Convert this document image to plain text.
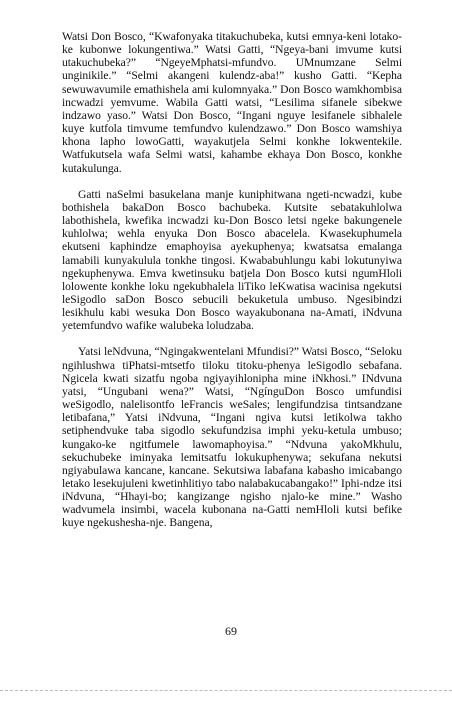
Watsi Don Bosco, “Kwafonyaka titakuchubeka, kutsi emnya-keni lotako-ke kubonwe lokungentiwa.” Watsi Gatti, “Ngeya-bani imvume kutsi utakuchubeka?” “NgeyeMphatsi-mfundvo. UMnumzane Selmi unginikile.” “Selmi akangeni kulendz-aba!” kusho Gatti. “Kepha sewuwavumile emathishela ami kulomnyaka.” Don Bosco wamkhombisa incwadzi yemvume. Wabila Gatti watsi, “Lesilima sifanele sibekwe indzawo yaso.” Watsi Don Bosco, “Ingani nguye lesifanele sibhalele kuye kutfola timvume temfundvo kulendzawo.” Don Bosco wamshiya khona lapho lowoGatti, wayakutjela Selmi konkhe lokwentekile. Watfukutsela wafa Selmi watsi, kahambe ekhaya Don Bosco, konkhe kutakulunga.

Gatti naSelmi basukelana manje kuniphitwana ngeti-ncwadzi, kube bothishela bakaDon Bosco bachubeka. Kutsite sebatakuhlolwa labothishela, kwefika incwadzi ku-Don Bosco letsi ngeke bakungenele kuhlolwa; wehla enyuka Don Bosco abacelela. Kwasekuphumela ekutseni kaphindze emaphoyisa ayekuphenya; kwatsatsa emalanga lamabili kunyakulula tonkhe tingosi. Kwababuhlungu kabi lokutunyiwa ngekuphenywa. Emva kwetinsuku batjela Don Bosco kutsi ngumHloli lolowente konkhe loku ngekubhalela liTiko leKwatisa wacinisa ngekutsi leSigodlo saDon Bosco sebucili bekuketula umbuso. Ngesibindzi lesikhulu kabi wesuka Don Bosco wayakubonana na-Amati, iNdvuna yetemfundvo wafike walubeka loludzaba.

Yatsi leNdvuna, “Ngingakwentelani Mfundisi?” Watsi Bosco, “Seloku ngihlushwa tiPhatsi-mtsetfo tiloku titoku-phenya leSigodlo sebafana. Ngicela kwati sizatfu ngoba ngiyayihlonipha mine iNkhosi.” INdvuna yatsi, “Ungubani wena?” Watsi, “NgínguDon Bosco umfundisi weSigodlo, nalelisontfo leFrancis weSales; lengifundzisa tintsandzane letibafana,” Yatsi iNdvuna, “Ingani ngiva kutsi letikolwa takho setiphendvuke taba sigodlo sekufundzisa imphi yeku-ketula umbuso; kungako-ke ngitfumele lawomaphoyisa.” “Ndvuna yakoMkhulu, sekuchubeke iminyaka lemitsatfu lokukuphenywa; sekufana nekutsi ngiyabulawa kancane, kancane. Sekutsiwa labafana kabasho imicabango letako lesekujuleni kwetinhlitiyo tabo nalabakucabangako!” Iphi-ndze itsi iNdvuna, “Hhayi-bo; kangizange ngisho njalo-ke mine.” Washo wadvumela insimbi, wacela kubonana na-Gatti nemHloli kutsi befike kuye ngekushesha-nje. Bangena,

69
